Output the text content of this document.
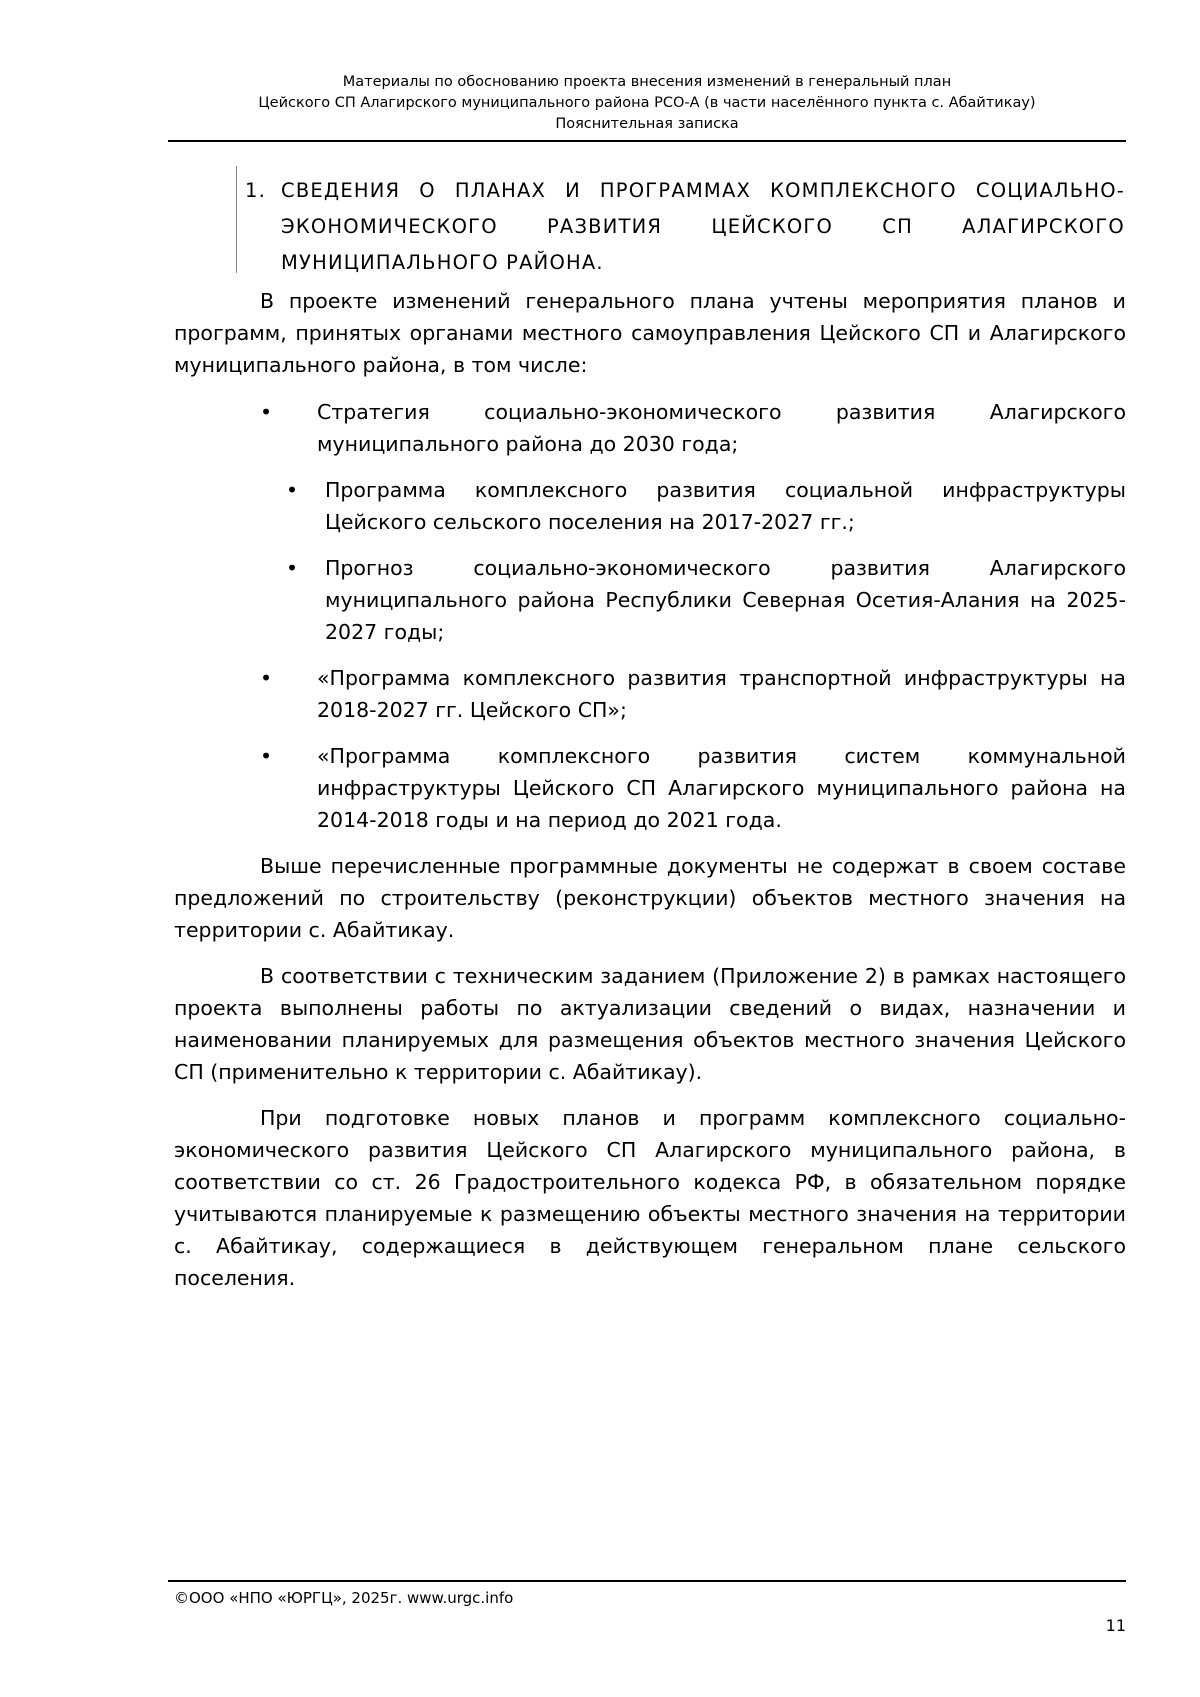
Материалы по обоснованию проекта внесения изменений в генеральный план
Цейского СП Алагирского муниципального района РСО-А (в части населённого пункта с. Абайтикау)
Пояснительная записка
1. СВЕДЕНИЯ О ПЛАНАХ И ПРОГРАММАХ КОМПЛЕКСНОГО СОЦИАЛЬНО-ЭКОНОМИЧЕСКОГО РАЗВИТИЯ ЦЕЙСКОГО СП АЛАГИРСКОГО МУНИЦИПАЛЬНОГО РАЙОНА.

В проекте изменений генерального плана учтены мероприятия планов и программ, принятых органами местного самоуправления Цейского СП и Алагирского муниципального района, в том числе:

• Стратегия социально-экономического развития Алагирского муниципального района до 2030 года;
• Программа комплексного развития социальной инфраструктуры Цейского сельского поселения на 2017-2027 гг.;
• Прогноз социально-экономического развития Алагирского муниципального района Республики Северная Осетия-Алания на 2025-2027 годы;
• «Программа комплексного развития транспортной инфраструктуры на 2018-2027 гг. Цейского СП»;
• «Программа комплексного развития систем коммунальной инфраструктуры Цейского СП Алагирского муниципального района на 2014-2018 годы и на период до 2021 года.

Выше перечисленные программные документы не содержат в своем составе предложений по строительству (реконструкции) объектов местного значения на территории с. Абайтикау.

В соответствии с техническим заданием (Приложение 2) в рамках настоящего проекта выполнены работы по актуализации сведений о видах, назначении и наименовании планируемых для размещения объектов местного значения Цейского СП (применительно к территории с. Абайтикау).

При подготовке новых планов и программ комплексного социально-экономического развития Цейского СП Алагирского муниципального района, в соответствии со ст. 26 Градостроительного кодекса РФ, в обязательном порядке учитываются планируемые к размещению объекты местного значения на территории с. Абайтикау, содержащиеся в действующем генеральном плане сельского поселения.

©ООО «НПО «ЮРГЦ», 2025г. www.urgc.info
11
